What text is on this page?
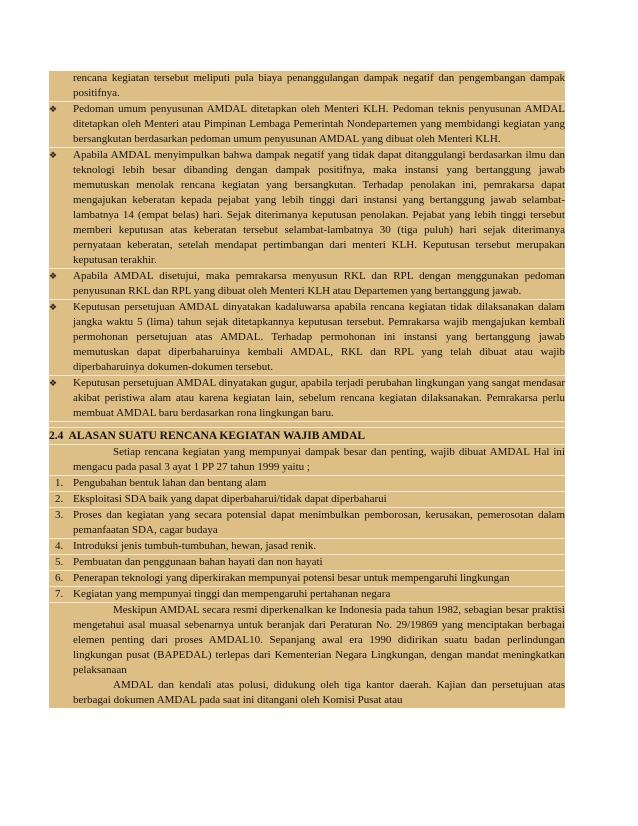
rencana kegiatan tersebut meliputi pula biaya penanggulangan dampak negatif dan pengembangan dampak positifnya.

❖	Pedoman umum penyusunan AMDAL ditetapkan oleh Menteri KLH. Pedoman teknis penyusunan AMDAL ditetapkan oleh Menteri atau Pimpinan Lembaga Pemerintah Nondepartemen yang membidangi kegiatan yang bersangkutan berdasarkan pedoman umum penyusunan AMDAL yang dibuat oleh Menteri KLH.

❖	Apabila AMDAL menyimpulkan bahwa dampak negatif yang tidak dapat ditanggulangi berdasarkan ilmu dan teknologi lebih besar dibanding dengan dampak positifnya, maka instansi yang bertanggung jawab memutuskan menolak rencana kegiatan yang bersangkutan. Terhadap penolakan ini, pemrakarsa dapat mengajukan keberatan kepada pejabat yang lebih tinggi dari instansi yang bertanggung jawab selambat-lambatnya 14 (empat belas) hari. Sejak diterimanya keputusan penolakan. Pejabat yang lebih tinggi tersebut memberi keputusan atas keberatan tersebut selambat-lambatnya 30 (tiga puluh) hari sejak diterimanya pernyataan keberatan, setelah mendapat pertimbangan dari menteri KLH. Keputusan tersebut merupakan keputusan terakhir.

❖	Apabila AMDAL disetujui, maka pemrakarsa menyusun RKL dan RPL dengan menggunakan pedoman penyusunan RKL dan RPL yang dibuat oleh Menteri KLH atau Departemen yang bertanggung jawab.

❖	Keputusan persetujuan AMDAL dinyatakan kadaluwarsa apabila rencana kegiatan tidak dilaksanakan dalam jangka waktu 5 (lima) tahun sejak ditetapkannya keputusan tersebut. Pemrakarsa wajib mengajukan kembali permohonan persetujuan atas AMDAL. Terhadap permohonan ini instansi yang bertanggung jawab memutuskan dapat diperbaharuinya kembali AMDAL, RKL dan RPL yang telah dibuat atau wajib diperbaharuinya dokumen-dokumen tersebut.

❖	Keputusan persetujuan AMDAL dinyatakan gugur, apabila terjadi perubahan lingkungan yang sangat mendasar akibat peristiwa alam atau karena kegiatan lain, sebelum rencana kegiatan dilaksanakan. Pemrakarsa perlu membuat AMDAL baru berdasarkan rona lingkungan baru.

2.4 ALASAN SUATU RENCANA KEGIATAN WAJIB AMDAL
Setiap rencana kegiatan yang mempunyai dampak besar dan penting, wajib dibuat AMDAL Hal ini mengacu pada pasal 3 ayat 1 PP 27 tahun 1999 yaitu ;
1. Pengubahan bentuk lahan dan bentang alam
2. Eksploitasi SDA baik yang dapat diperbaharui/tidak dapat diperbaharui
3. Proses dan kegiatan yang secara potensial dapat menimbulkan pemborosan, kerusakan, pemerosotan dalam pemanfaatan SDA, cagar budaya
4. Introduksi jenis tumbuh-tumbuhan, hewan, jasad renik.
5. Pembuatan dan penggunaan bahan hayati dan non hayati
6. Penerapan teknologi yang diperkirakan mempunyai potensi besar untuk mempengaruhi lingkungan
7. Kegiatan yang mempunyai tinggi dan mempengaruhi pertahanan negara
Meskipun AMDAL secara resmi diperkenalkan ke Indonesia pada tahun 1982, sebagian besar praktisi mengetahui asal muasal sebenarnya untuk beranjak dari Peraturan No. 29/19869 yang menciptakan berbagai elemen penting dari proses AMDAL10. Sepanjang awal era 1990 didirikan suatu badan perlindungan lingkungan pusat (BAPEDAL) terlepas dari Kementerian Negara Lingkungan, dengan mandat meningkatkan pelaksanaan
AMDAL dan kendali atas polusi, didukung oleh tiga kantor daerah. Kajian dan persetujuan atas berbagai dokumen AMDAL pada saat ini ditangani oleh Komisi Pusat atau
